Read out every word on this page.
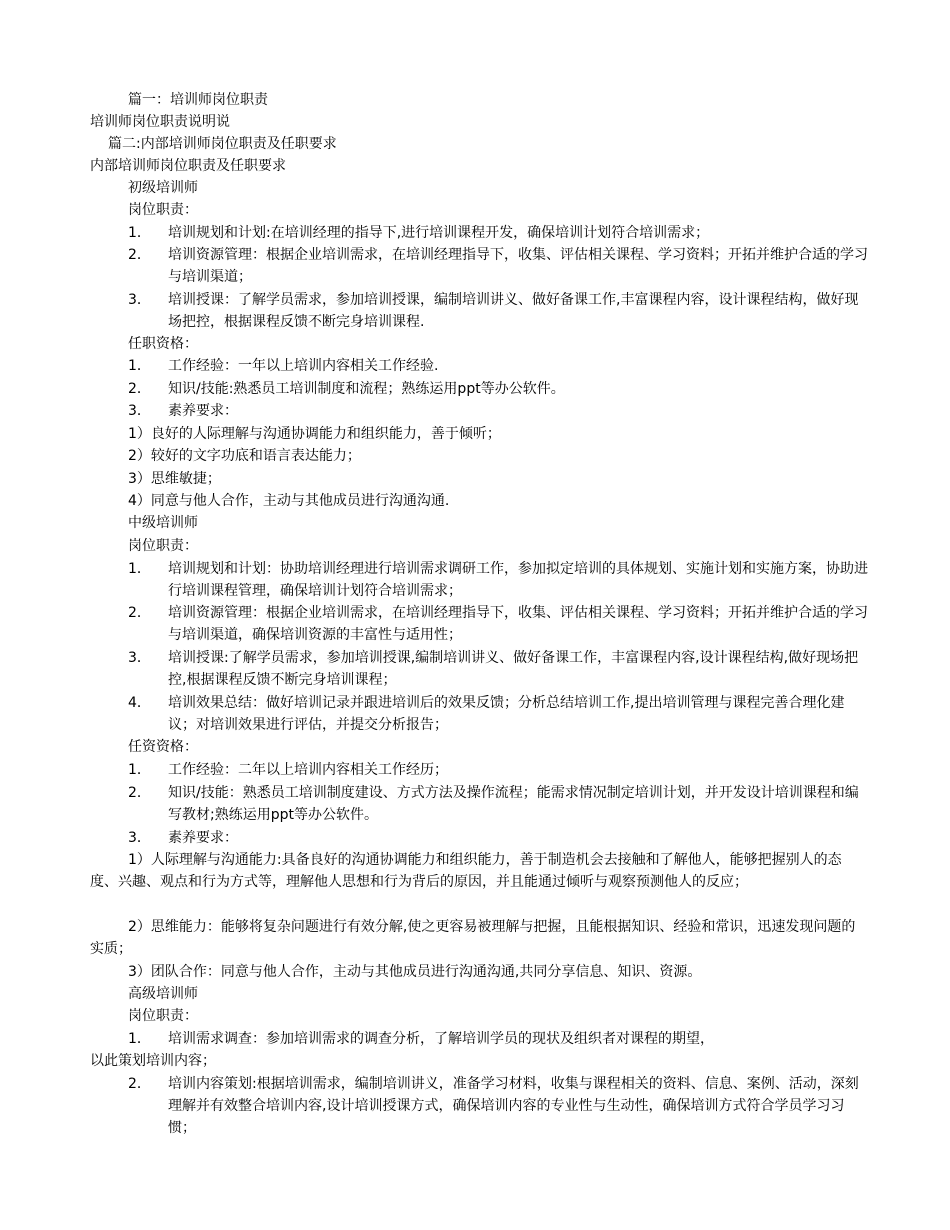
篇一：培训师岗位职责
培训师岗位职责说明说
篇二:内部培训师岗位职责及任职要求
内部培训师岗位职责及任职要求
初级培训师
岗位职责：
1． 培训规划和计划:在培训经理的指导下,进行培训课程开发，确保培训计划符合培训需求；
2． 培训资源管理：根据企业培训需求，在培训经理指导下，收集、评估相关课程、学习资料；开拓并维护合适的学习与培训渠道；
3． 培训授课：了解学员需求，参加培训授课，编制培训讲义、做好备课工作,丰富课程内容，设计课程结构，做好现场把控，根据课程反馈不断完身培训课程.
任职资格：
1． 工作经验：一年以上培训内容相关工作经验.
2． 知识/技能:熟悉员工培训制度和流程；熟练运用ppt等办公软件。
3． 素养要求：
1）良好的人际理解与沟通协调能力和组织能力，善于倾听；
2）较好的文字功底和语言表达能力；
3）思维敏捷；
4）同意与他人合作，主动与其他成员进行沟通沟通.
中级培训师
岗位职责：
1． 培训规划和计划：协助培训经理进行培训需求调研工作，参加拟定培训的具体规划、实施计划和实施方案，协助进行培训课程管理，确保培训计划符合培训需求；
2． 培训资源管理：根据企业培训需求，在培训经理指导下，收集、评估相关课程、学习资料；开拓并维护合适的学习与培训渠道，确保培训资源的丰富性与适用性；
3． 培训授课:了解学员需求，参加培训授课,编制培训讲义、做好备课工作，丰富课程内容,设计课程结构,做好现场把控,根据课程反馈不断完身培训课程；
4． 培训效果总结：做好培训记录并跟进培训后的效果反馈；分析总结培训工作,提出培训管理与课程完善合理化建议；对培训效果进行评估，并提交分析报告；
任资资格：
1． 工作经验：二年以上培训内容相关工作经历；
2． 知识/技能：熟悉员工培训制度建设、方式方法及操作流程；能需求情况制定培训计划，并开发设计培训课程和编写教材;熟练运用ppt等办公软件。
3． 素养要求：
1）人际理解与沟通能力:具备良好的沟通协调能力和组织能力，善于制造机会去接触和了解他人，能够把握别人的态度、兴趣、观点和行为方式等，理解他人思想和行为背后的原因，并且能通过倾听与观察预测他人的反应；
2）思维能力：能够将复杂问题进行有效分解,使之更容易被理解与把握，且能根据知识、经验和常识，迅速发现问题的实质；
3）团队合作：同意与他人合作，主动与其他成员进行沟通沟通,共同分享信息、知识、资源。
高级培训师
岗位职责：
1． 培训需求调查：参加培训需求的调查分析，了解培训学员的现状及组织者对课程的期望，
以此策划培训内容；
2． 培训内容策划:根据培训需求，编制培训讲义，准备学习材料，收集与课程相关的资料、信息、案例、活动，深刻理解并有效整合培训内容,设计培训授课方式，确保培训内容的专业性与生动性，确保培训方式符合学员学习习惯；
